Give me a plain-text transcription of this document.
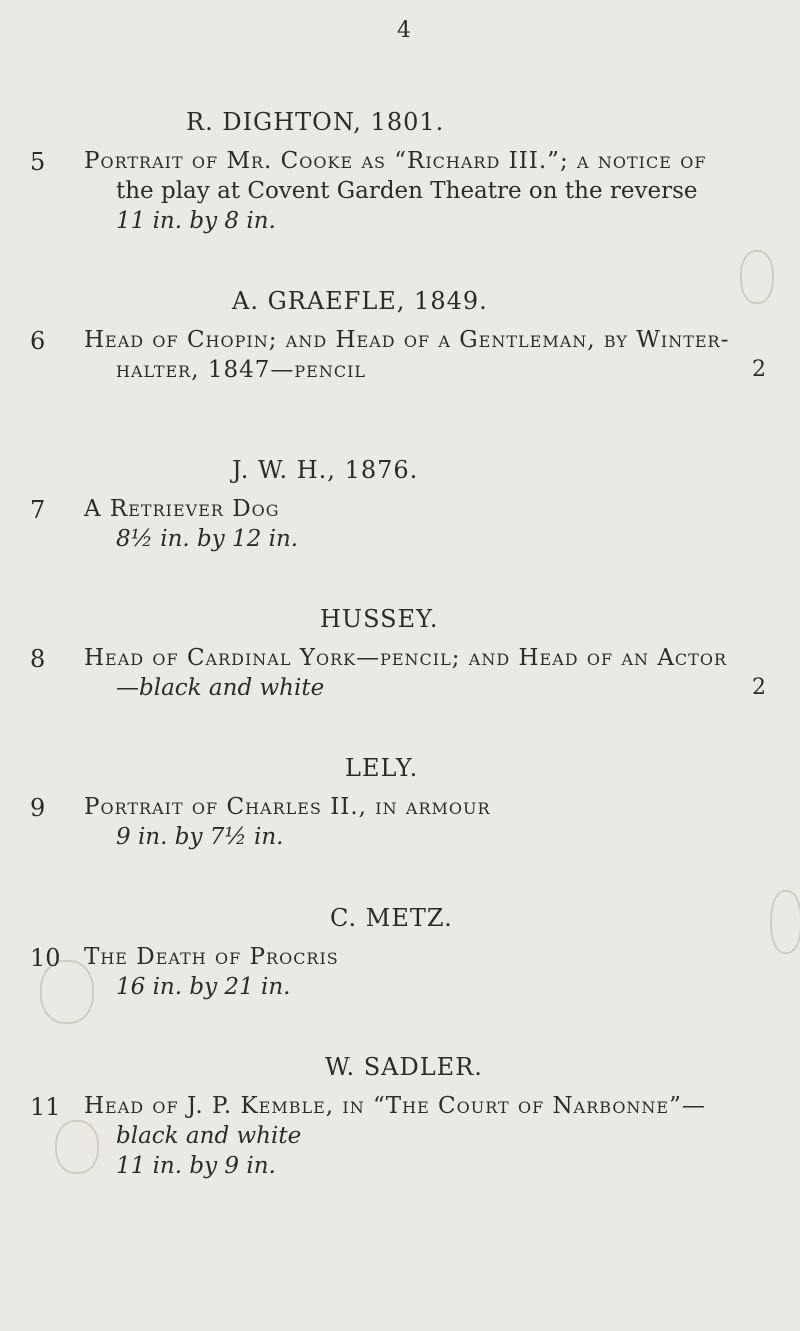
4
R. DIGHTON, 1801.
5 Portrait of Mr. Cooke as “Richard III.”; a notice of
the play at Covent Garden Theatre on the reverse
11 in. by 8 in.
A. GRAEFLE, 1849.
6 Head of Chopin; and Head of a Gentleman, by Winter-
halter, 1847—pencil	2
J. W. H., 1876.
7 A Retriever Dog
8½ in. by 12 in.
HUSSEY.
8 Head of Cardinal York—pencil; and Head of an Actor
—black and white	2
LELY.
9 Portrait of Charles II., in armour
9 in. by 7½ in.
C. METZ.
10 The Death of Procris
16 in. by 21 in.
W. SADLER.
11 Head of J. P. Kemble, in “The Court of Narbonne”—
black and white
11 in. by 9 in.
